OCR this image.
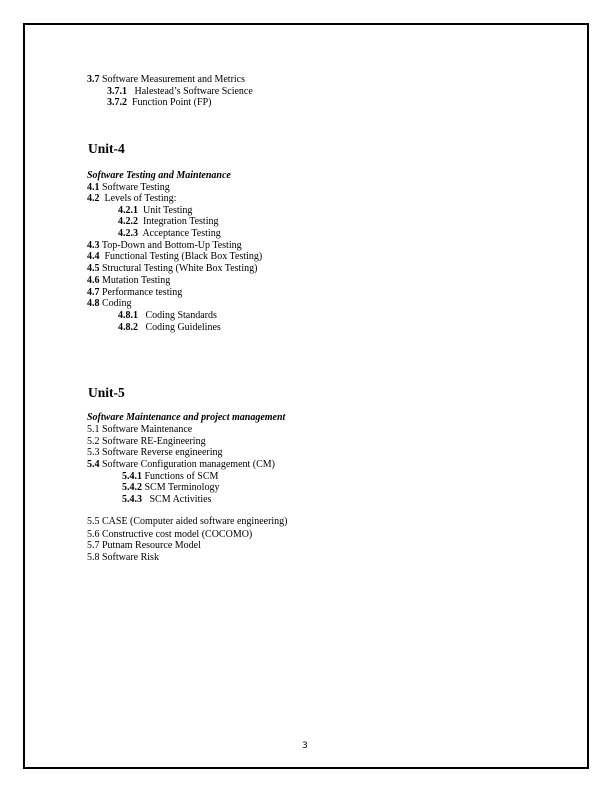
3.7 Software Measurement and Metrics
3.7.1   Halestead’s Software Science
3.7.2  Function Point (FP)
Unit-4
Software Testing and Maintenance
4.1 Software Testing
4.2  Levels of Testing:
4.2.1  Unit Testing
4.2.2  Integration Testing
4.2.3  Acceptance Testing
4.3 Top-Down and Bottom-Up Testing
4.4  Functional Testing (Black Box Testing)
4.5 Structural Testing (White Box Testing)
4.6 Mutation Testing
4.7 Performance testing
4.8 Coding
4.8.1   Coding Standards
4.8.2   Coding Guidelines
Unit-5
Software Maintenance and project management
5.1 Software Maintenance
5.2 Software RE-Engineering
5.3 Software Reverse engineering
5.4 Software Configuration management (CM)
5.4.1 Functions of SCM
5.4.2 SCM Terminology
5.4.3   SCM Activities
5.5 CASE (Computer aided software engineering)
5.6 Constructive cost model (COCOMO)
5.7 Putnam Resource Model
5.8 Software Risk
3
